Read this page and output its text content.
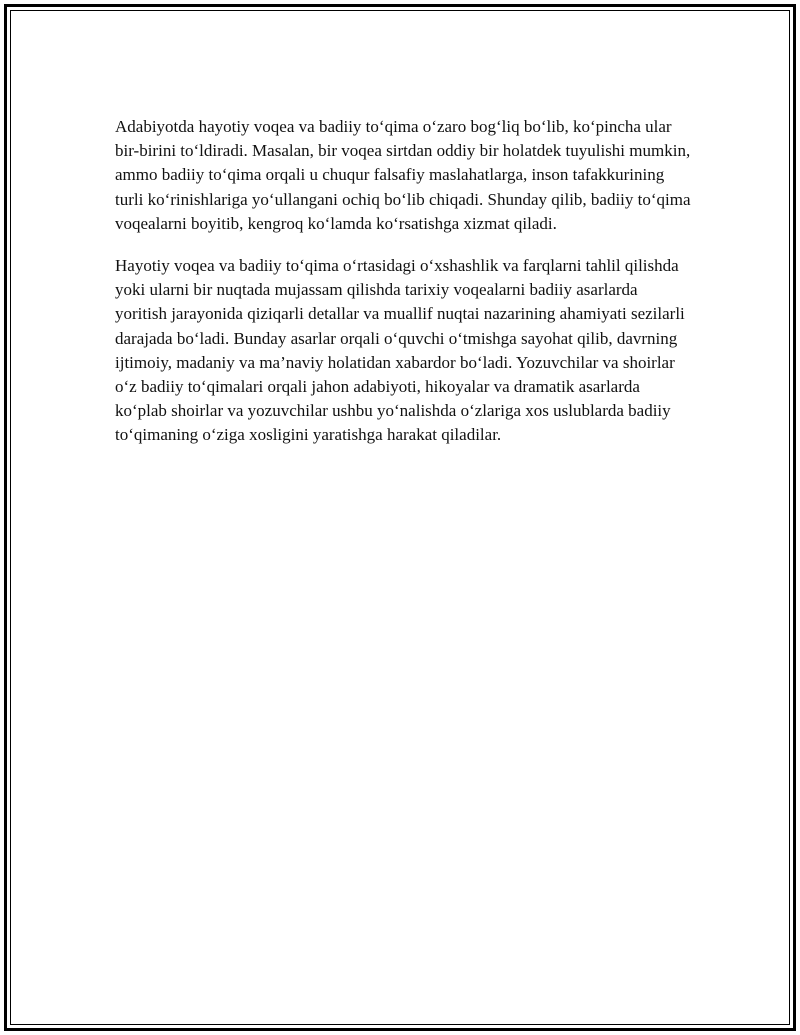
Adabiyotda hayotiy voqea va badiiy to‘qima o‘zaro bog‘liq bo‘lib, ko‘pincha ular bir-birini to‘ldiradi. Masalan, bir voqea sirtdan oddiy bir holatdek tuyulishi mumkin, ammo badiiy to‘qima orqali u chuqur falsafiy maslahatlarga, inson tafakkurining turli ko‘rinishlariga yo‘ullangani ochiq bo‘lib chiqadi. Shunday qilib, badiiy to‘qima voqealarni boyitib, kengroq ko‘lamda ko‘rsatishga xizmat qiladi.

Hayotiy voqea va badiiy to‘qima o‘rtasidagi o‘xshashlik va farqlarni tahlil qilishda yoki ularni bir nuqtada mujassam qilishda tarixiy voqealarni badiiy asarlarda yoritish jarayonida qiziqarli detallar va muallif nuqtai nazarining ahamiyati sezilarli darajada bo‘ladi. Bunday asarlar orqali o‘quvchi o‘tmishga sayohat qilib, davrning ijtimoiy, madaniy va ma’naviy holatidan xabardor bo‘ladi. Yozuvchilar va shoirlar o‘z badiiy to‘qimalari orqali jahon adabiyoti, hikoyalar va dramatik asarlarda ko‘plab shoirlar va yozuvchilar ushbu yo‘nalishda o‘zlariga xos uslublarda badiiy to‘qimaning o‘ziga xosligini yaratishga harakat qiladilar.
